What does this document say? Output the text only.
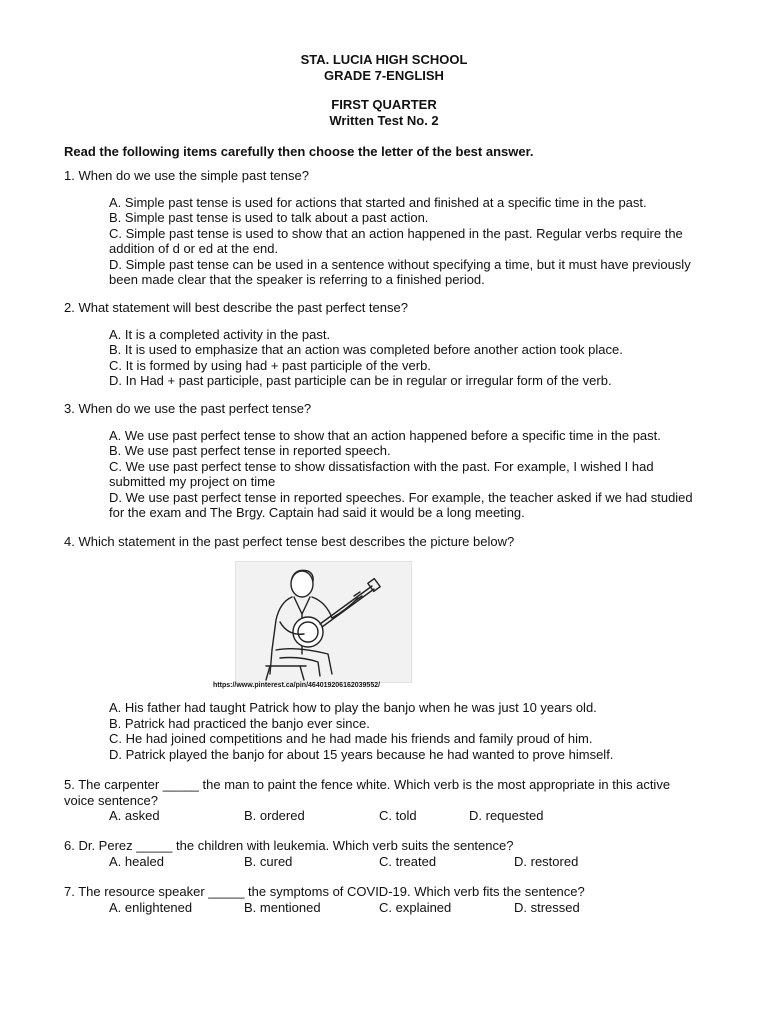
STA. LUCIA HIGH SCHOOL
GRADE 7-ENGLISH
FIRST QUARTER
Written Test No. 2
Read the following items carefully then choose the letter of the best answer.

1. When do we use the simple past tense?

A. Simple past tense is used for actions that started and finished at a specific time in the past.

B. Simple past tense is used to talk about a past action.

C. Simple past tense is used to show that an action happened in the past. Regular verbs require the addition of d or ed at the end.

D. Simple past tense can be used in a sentence without specifying a time, but it must have previously been made clear that the speaker is referring to a finished period.

2. What statement will best describe the past perfect tense?

A. It is a completed activity in the past.

B. It is used to emphasize that an action was completed before another action took place.

C. It is formed by using had + past participle of the verb.

D. In Had + past participle, past participle can be in regular or irregular form of the verb.

3. When do we use the past perfect tense?

A. We use past perfect tense to show that an action happened before a specific time in the past.

B. We use past perfect tense in reported speech.

C. We use past perfect tense to show dissatisfaction with the past. For example, I wished I had submitted my project on time

D. We use past perfect tense in reported speeches. For example, the teacher asked if we had studied for the exam and The Brgy. Captain had said it would be a long meeting.

4. Which statement in the past perfect tense best describes the picture below?

https://www.pinterest.ca/pin/464019206162039552/

A. His father had taught Patrick how to play the banjo when he was just 10 years old.

B. Patrick had practiced the banjo ever since.

C. He had joined competitions and he had made his friends and family proud of him.

D. Patrick played the banjo for about 15 years because he had wanted to prove himself.

5. The carpenter _____ the man to paint the fence white. Which verb is the most appropriate in this active voice sentence?

A. asked	B. ordered	C. told	D. requested

6. Dr. Perez _____ the children with leukemia. Which verb suits the sentence?

A. healed	B. cured	C. treated	D. restored

7. The resource speaker _____ the symptoms of COVID-19. Which verb fits the sentence?

A. enlightened	B. mentioned	C. explained	D. stressed
